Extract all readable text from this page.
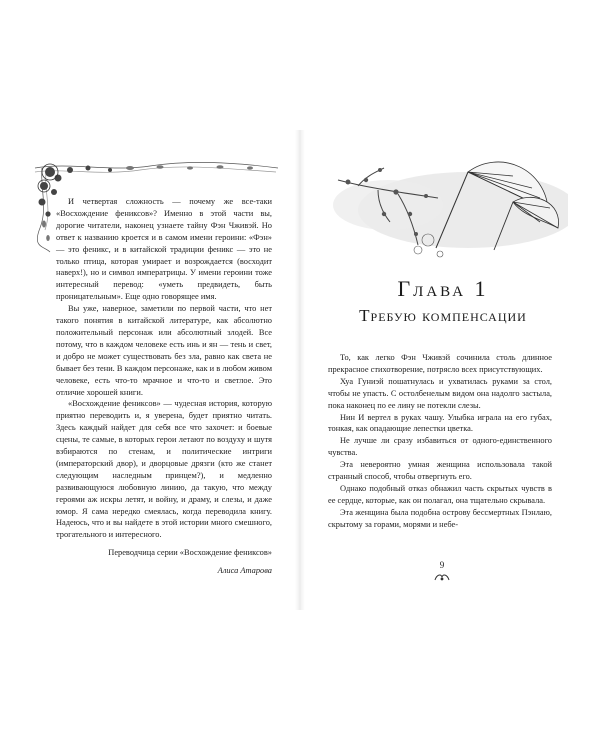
И четвертая сложность — почему же все-таки «Восхождение фениксов»? Именно в этой части вы, дорогие читатели, наконец узнаете тайну Фэн Чживэй. Но ответ к названию кроется и в самом имени героини: «Фэн» — это феникс, и в китайской традиции феникс — это не только птица, которая умирает и возрождается (восходит наверх!), но и символ императрицы. У имени героини тоже интересный перевод: «уметь предвидеть, быть проницательным». Еще одно говорящее имя.

Вы уже, наверное, заметили по первой части, что нет такого понятия в китайской литературе, как абсолютно положительный персонаж или абсолютный злодей. Все потому, что в каждом человеке есть инь и ян — тень и свет, и добро не может существовать без зла, равно как света не бывает без тени. В каждом персонаже, как и в любом живом человеке, есть что-то мрачное и что-то и светлое. Это отличие хорошей книги.

«Восхождение фениксов» — чудесная история, которую приятно переводить и, я уверена, будет приятно читать. Здесь каждый найдет для себя все что захочет: и боевые сцены, те самые, в которых герои летают по воздуху и шутя взбираются по стенам, и политические интриги (императорский двор), и дворцовые дрязги (кто же станет следующим наследным принцем?), и медленно развивающуюся любовную линию, да такую, что между героями аж искры летят, и войну, и драму, и слезы, и даже юмор. Я сама нередко смеялась, когда переводила книгу. Надеюсь, что и вы найдете в этой истории много смешного, трогательного и интересного.

Переводчица серии «Восхождение фениксов»

Алиса Атарова

Глава 1
Требую компенсации

То, как легко Фэн Чживэй сочинила столь длинное прекрасное стихотворение, потрясло всех присутствующих.

Хуа Гуниэй пошатнулась и ухватилась руками за стол, чтобы не упасть. С остолбенелым видом она надолго застыла, пока наконец по ее лину не потекли слезы.

Нин И вертел в руках чашу. Улыбка играла на его губах, тонкая, как опадающие лепестки цветка.

Не лучше ли сразу избавиться от одного-единственного чувства.

Эта невероятно умная женщина использовала такой странный способ, чтобы отвергнуть его.

Однако подобный отказ обнажил часть скрытых чувств в ее сердце, которые, как он полагал, она тщательно скрывала.

Эта женщина была подобна острову бессмертных Пэнлаю, скрытому за горами, морями и небе-

9
